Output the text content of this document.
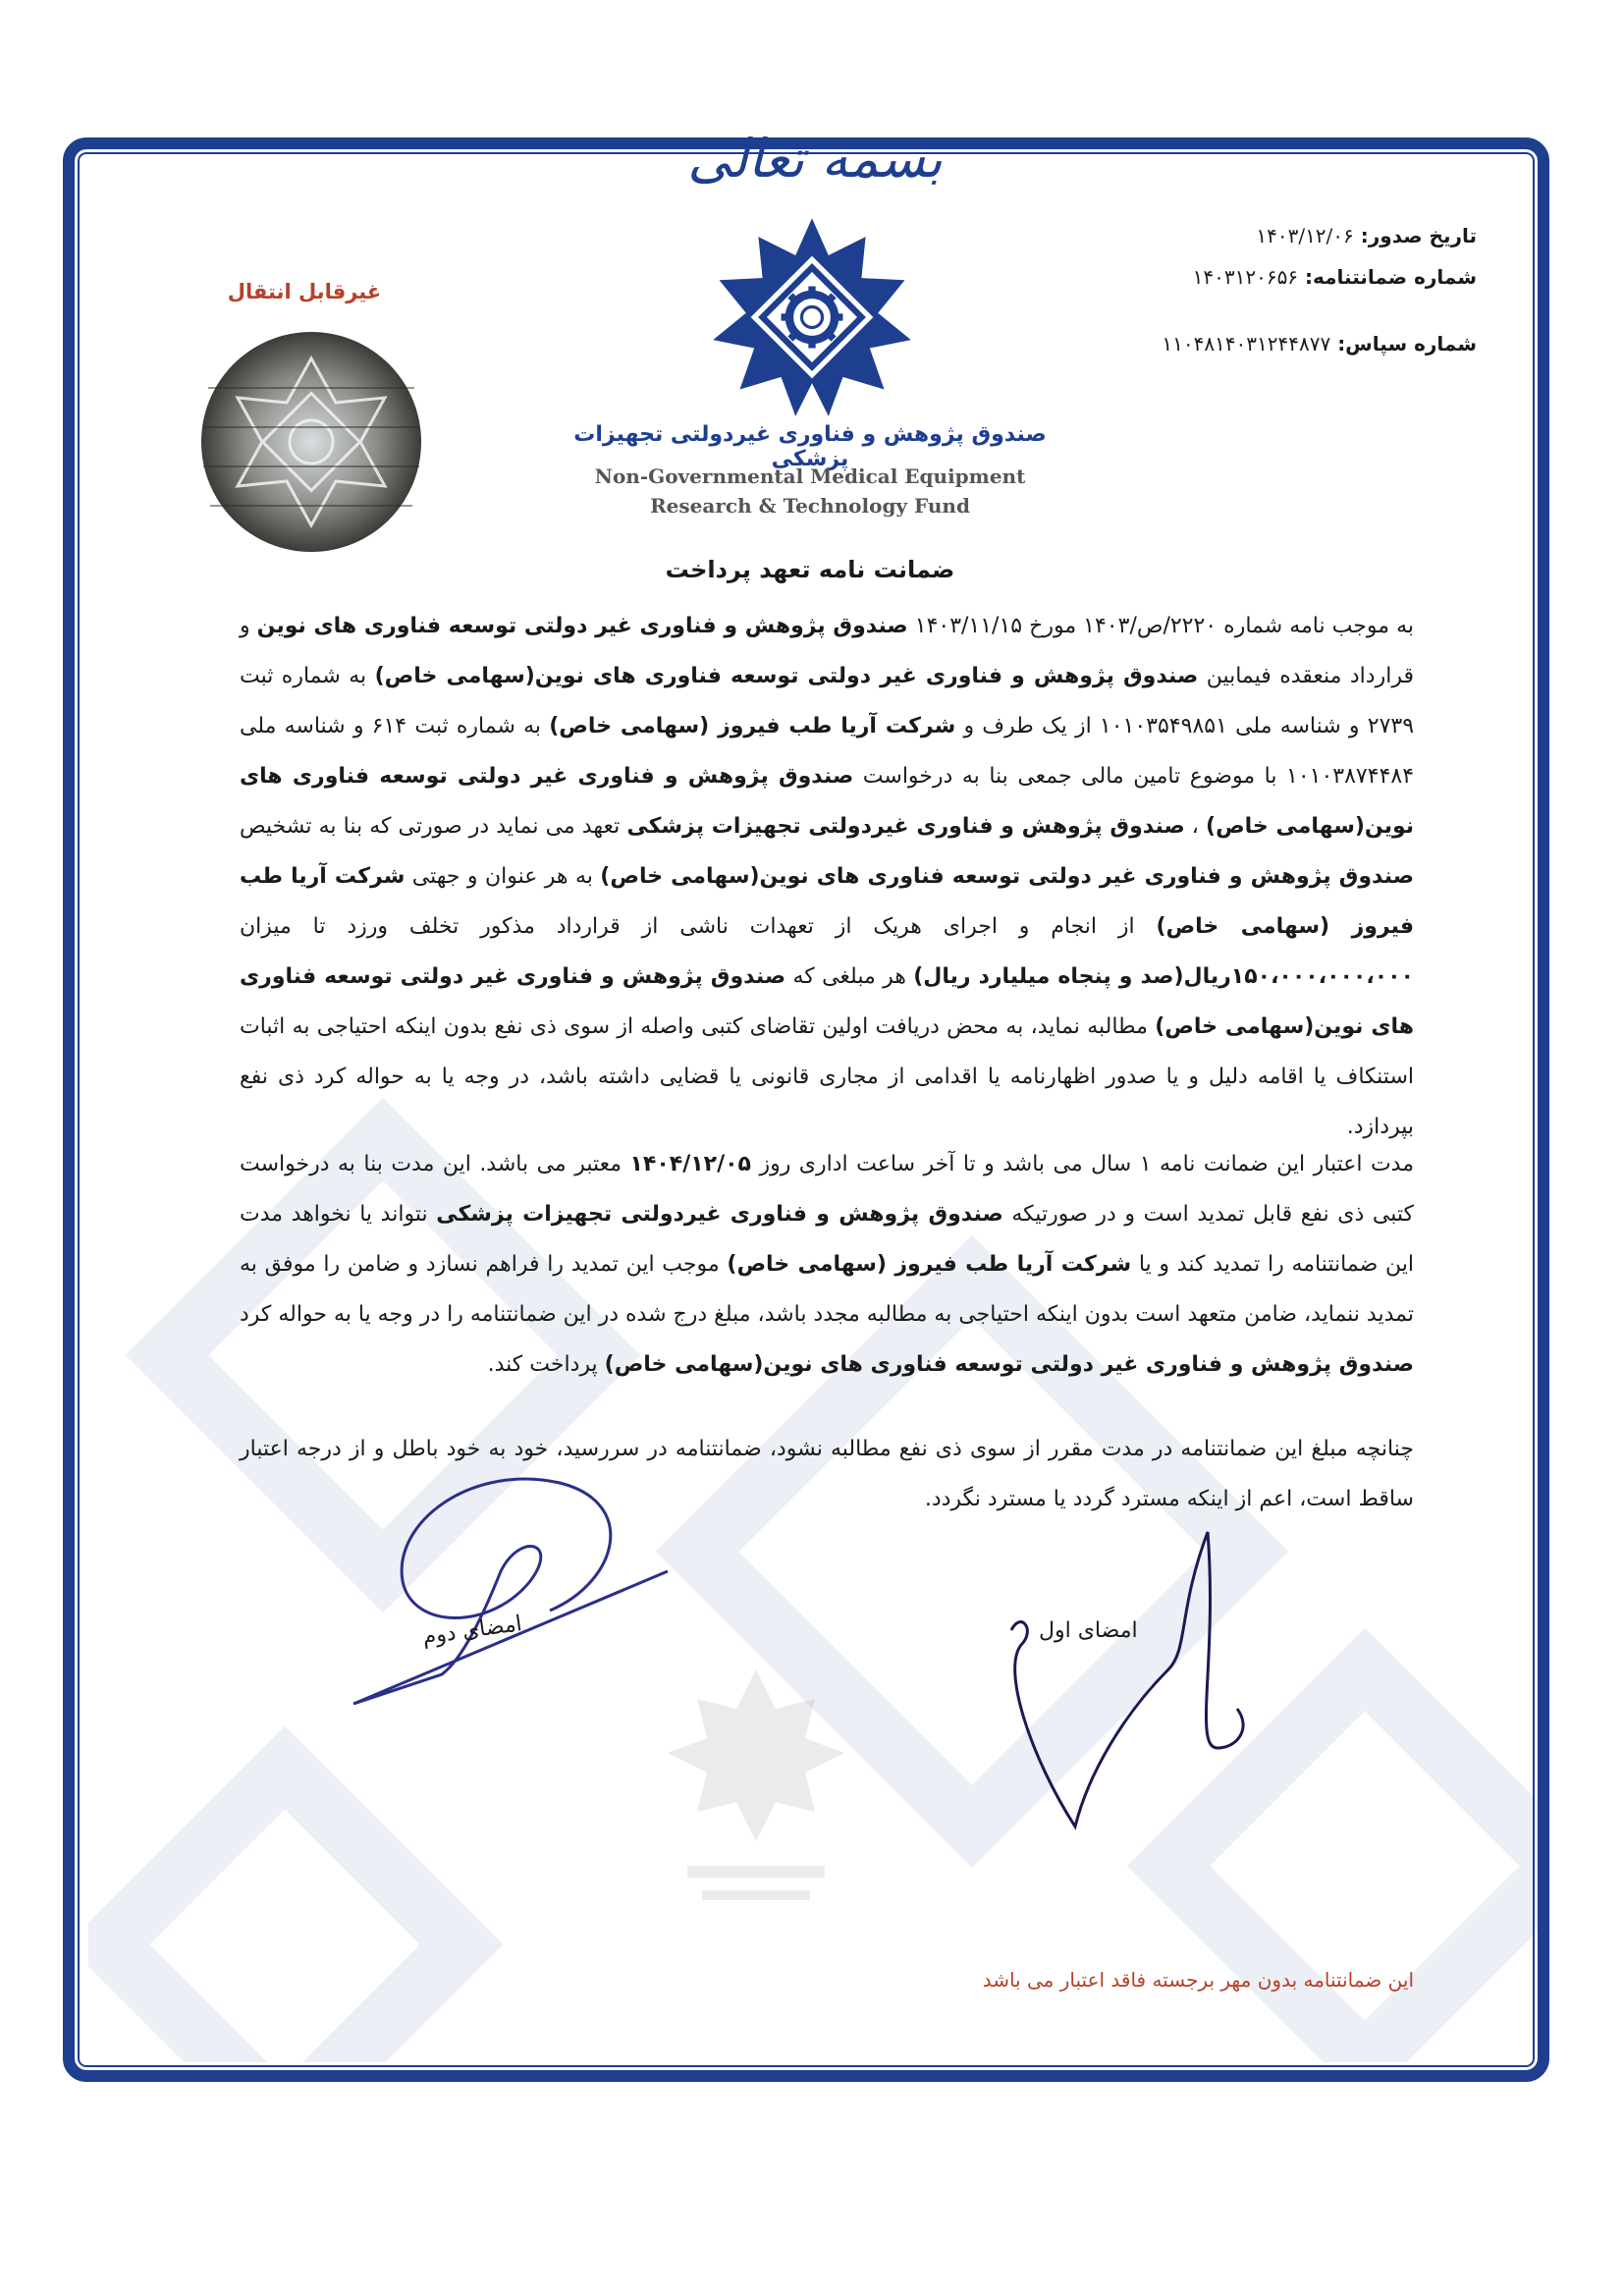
بسمه تعالی
صندوق پژوهش و فناوری غیردولتی تجهیزات پزشکی
Non-Governmental Medical Equipment
Research & Technology Fund
تاریخ صدور: ۱۴۰۳/۱۲/۰۶
شماره ضمانتنامه: ۱۴۰۳۱۲۰۶۵۶
شماره سپاس: ۱۱۰۴۸۱۴۰۳۱۲۴۴۸۷۷
غیرقابل انتقال
ضمانت نامه تعهد پرداخت
به موجب نامه شماره ۲۲۲۰/ص/۱۴۰۳ مورخ ۱۴۰۳/۱۱/۱۵ صندوق پژوهش و فناوری غیر دولتی توسعه فناوری های نوین و قرارداد منعقده فیمابین صندوق پژوهش و فناوری غیر دولتی توسعه فناوری های نوین(سهامی خاص) به شماره ثبت ۲۷۳۹ و شناسه ملی ۱۰۱۰۳۵۴۹۸۵۱ از یک طرف و شرکت آریا طب فیروز (سهامی خاص) به شماره ثبت ۶۱۴ و شناسه ملی ۱۰۱۰۳۸۷۴۴۸۴ با موضوع تامین مالی جمعی بنا به درخواست صندوق پژوهش و فناوری غیر دولتی توسعه فناوری های نوین(سهامی خاص) ، صندوق پژوهش و فناوری غیردولتی تجهیزات پزشکی تعهد می نماید در صورتی که بنا به تشخیص صندوق پژوهش و فناوری غیر دولتی توسعه فناوری های نوین(سهامی خاص) به هر عنوان و جهتی شرکت آریا طب فیروز (سهامی خاص) از انجام و اجرای هریک از تعهدات ناشی از قرارداد مذکور تخلف ورزد تا میزان ۱۵۰،۰۰۰،۰۰۰،۰۰۰ریال(صد و پنجاه میلیارد ریال) هر مبلغی که صندوق پژوهش و فناوری غیر دولتی توسعه فناوری های نوین(سهامی خاص) مطالبه نماید، به محض دریافت اولین تقاضای کتبی واصله از سوی ذی نفع بدون اینکه احتیاجی به اثبات استنکاف یا اقامه دلیل و یا صدور اظهارنامه یا اقدامی از مجاری قانونی یا قضایی داشته باشد، در وجه یا به حواله کرد ذی نفع بپردازد.
مدت اعتبار این ضمانت نامه ۱ سال می باشد و تا آخر ساعت اداری روز ۱۴۰۴/۱۲/۰۵ معتبر می باشد. این مدت بنا به درخواست کتبی ذی نفع قابل تمدید است و در صورتیکه صندوق پژوهش و فناوری غیردولتی تجهیزات پزشکی نتواند یا نخواهد مدت این ضمانتنامه را تمدید کند و یا شرکت آریا طب فیروز (سهامی خاص) موجب این تمدید را فراهم نسازد و ضامن را موفق به تمدید ننماید، ضامن متعهد است بدون اینکه احتیاجی به مطالبه مجدد باشد، مبلغ درج شده در این ضمانتنامه را در وجه یا به حواله کرد صندوق پژوهش و فناوری غیر دولتی توسعه فناوری های نوین(سهامی خاص) پرداخت کند.
چنانچه مبلغ این ضمانتنامه در مدت مقرر از سوی ذی نفع مطالبه نشود، ضمانتنامه در سررسید، خود به خود باطل و از درجه اعتبار ساقط است، اعم از اینکه مسترد گردد یا مسترد نگردد.
امضای دوم	امضای اول
این ضمانتنامه بدون مهر برجسته فاقد اعتبار می باشد
